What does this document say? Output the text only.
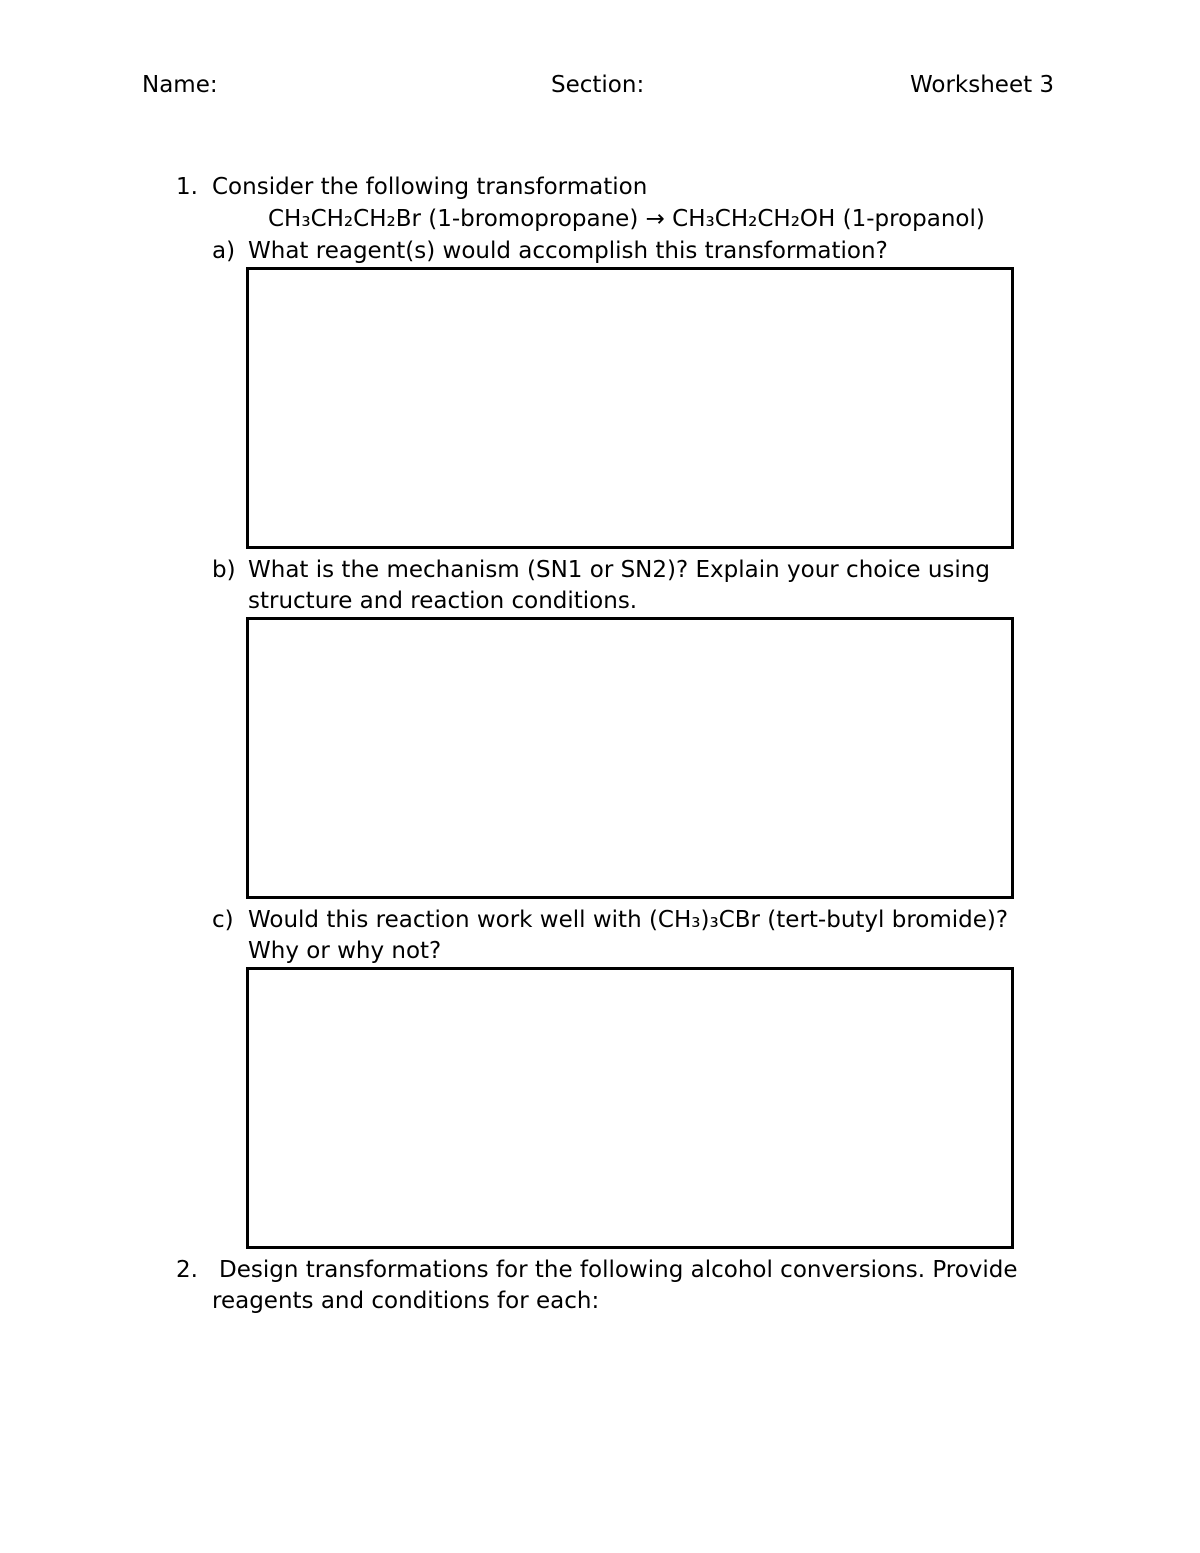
Name:	Section:	Worksheet 3
1. Consider the following transformation
CH₃CH₂CH₂Br (1-bromopropane) → CH₃CH₂CH₂OH (1-propanol)
a) What reagent(s) would accomplish this transformation?
b) What is the mechanism (SN1 or SN2)? Explain your choice using
structure and reaction conditions.
c) Would this reaction work well with (CH₃)₃CBr (tert-butyl bromide)?
Why or why not?
2. Design transformations for the following alcohol conversions. Provide
reagents and conditions for each:
